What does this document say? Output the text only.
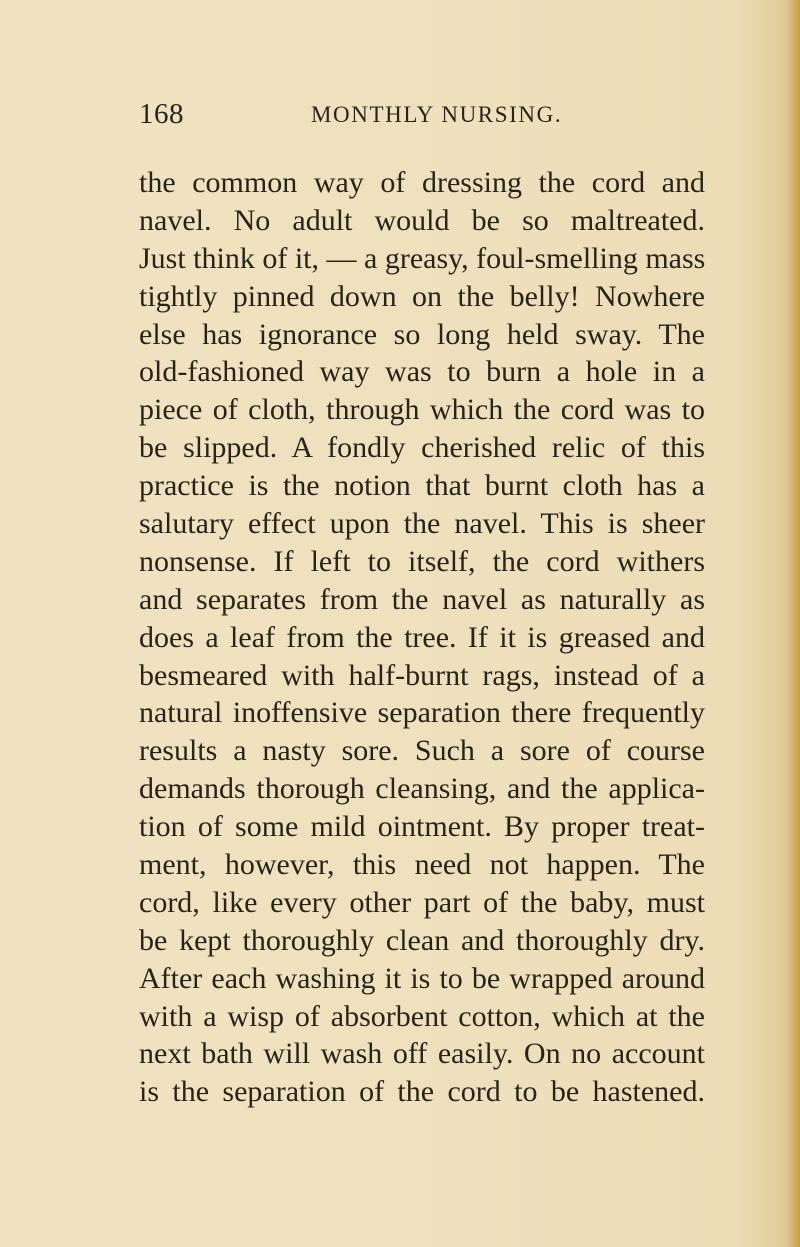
168	MONTHLY NURSING.
the common way of dressing the cord and
navel. No adult would be so maltreated.
Just think of it, — a greasy, foul-smelling mass
tightly pinned down on the belly! Nowhere
else has ignorance so long held sway. The
old-fashioned way was to burn a hole in a
piece of cloth, through which the cord was to
be slipped. A fondly cherished relic of this
practice is the notion that burnt cloth has a
salutary effect upon the navel. This is sheer
nonsense. If left to itself, the cord withers
and separates from the navel as naturally as
does a leaf from the tree. If it is greased and
besmeared with half-burnt rags, instead of a
natural inoffensive separation there frequently
results a nasty sore. Such a sore of course
demands thorough cleansing, and the applica-
tion of some mild ointment. By proper treat-
ment, however, this need not happen. The
cord, like every other part of the baby, must
be kept thoroughly clean and thoroughly dry.
After each washing it is to be wrapped around
with a wisp of absorbent cotton, which at the
next bath will wash off easily. On no account
is the separation of the cord to be hastened.
